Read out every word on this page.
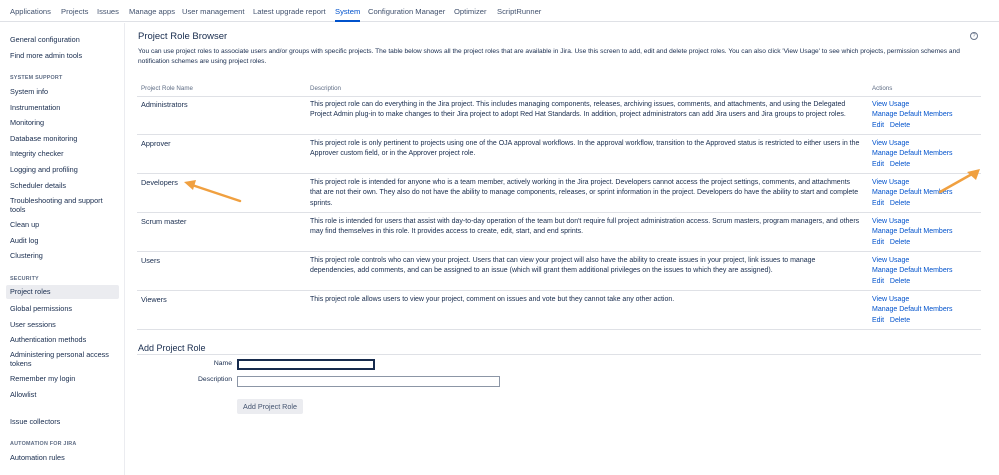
Applications Projects Issues Manage apps User management Latest upgrade report System Configuration Manager Optimizer ScriptRunner
General configuration
Find more admin tools
SYSTEM SUPPORT
System info
Instrumentation
Monitoring
Database monitoring
Integrity checker
Logging and profiling
Scheduler details
Troubleshooting and support tools
Clean up
Audit log
Clustering
SECURITY
Project roles
Global permissions
User sessions
Authentication methods
Administering personal access tokens
Remember my login
Allowlist
Issue collectors
AUTOMATION FOR JIRA
Automation rules
Project Role Browser	?
You can use project roles to associate users and/or groups with specific projects. The table below shows all the project roles that are available in Jira. Use this screen to add, edit and delete project roles. You can also click 'View Usage' to see which projects, permission schemes and notification schemes are using project roles.
Project Role Name	Description	Actions
Administrators	This project role can do everything in the Jira project. This includes managing components, releases, archiving issues, comments, and attachments, and using the Delegated Project Admin plug-in to make changes to their Jira project to adopt Red Hat Standards. In addition, project administrators can add Jira users and Jira groups to project roles.
View Usage
Manage Default Members
Edit Delete
Approver	This project role is only pertinent to projects using one of the OJA approval workflows. In the approval workflow, transition to the Approved status is restricted to either users in the Approver custom field, or in the Approver project role.
View Usage
Manage Default Members
Edit Delete
Developers	This project role is intended for anyone who is a team member, actively working in the Jira project. Developers cannot access the project settings, comments, and attachments that are not their own. They also do not have the ability to manage components, releases, or sprint information in the project. Developers do have the ability to start and complete sprints.
View Usage
Manage Default Members
Edit Delete
Scrum master	This role is intended for users that assist with day-to-day operation of the team but don't require full project administration access. Scrum masters, program managers, and others may find themselves in this role. It provides access to create, edit, start, and end sprints.
View Usage
Manage Default Members
Edit Delete
Users	This project role controls who can view your project. Users that can view your project will also have the ability to create issues in your project, link issues to manage dependencies, add comments, and can be assigned to an issue (which will grant them additional privileges on the issues to which they are assigned).
View Usage
Manage Default Members
Edit Delete
Viewers	This project role allows users to view your project, comment on issues and vote but they cannot take any other action.	View Usage
Manage Default Members
Edit Delete
Add Project Role
Name
Description
Add Project Role
